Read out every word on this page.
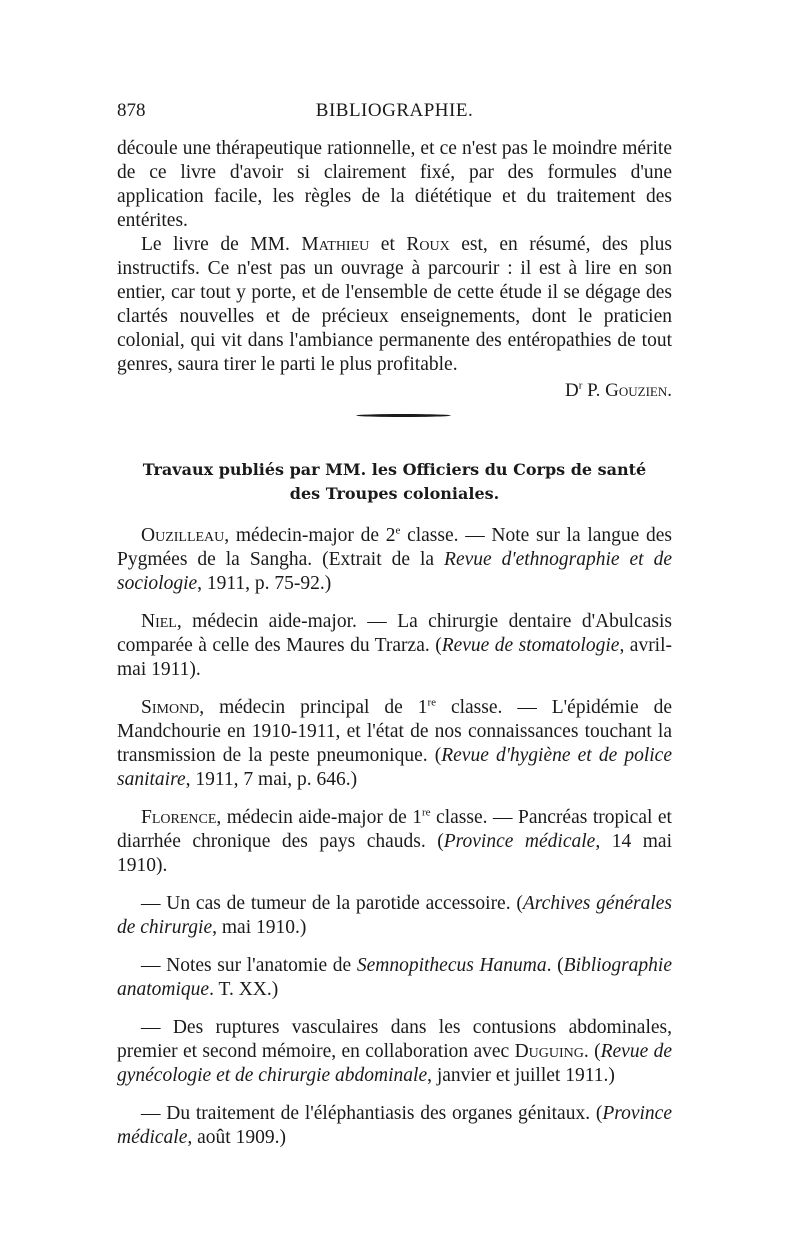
878	BIBLIOGRAPHIE.

découle une thérapeutique rationnelle, et ce n'est pas le moindre mérite de ce livre d'avoir si clairement fixé, par des formules d'une application facile, les règles de la diététique et du traitement des entérites.

Le livre de MM. Mathieu et Roux est, en résumé, des plus instructifs. Ce n'est pas un ouvrage à parcourir : il est à lire en son entier, car tout y porte, et de l'ensemble de cette étude il se dégage des clartés nouvelles et de précieux enseignements, dont le praticien colonial, qui vit dans l'ambiance permanente des entéropathies de tout genres, saura tirer le parti le plus profitable.

$D^r$ P. Gouzien.
Travaux publiés par MM. les Officiers du Corps de santé
des Troupes coloniales.

Ouzilleau, médecin-major de 2e classe. — Note sur la langue des Pygmées de la Sangha. (Extrait de la Revue d'ethnographie et de sociologie, 1911, p. 75-92.)

Niel, médecin aide-major. — La chirurgie dentaire d'Abulcasis comparée à celle des Maures du Trarza. (Revue de stomatologie, avril-mai 1911).

Simond, médecin principal de 1re classe. — L'épidémie de Mandchourie en 1910-1911, et l'état de nos connaissances touchant la transmission de la peste pneumonique. (Revue d'hygiène et de police sanitaire, 1911, 7 mai, p. 646.)

Florence, médecin aide-major de 1re classe. — Pancréas tropical et diarrhée chronique des pays chauds. (Province médicale, 14 mai 1910).

— Un cas de tumeur de la parotide accessoire. (Archives générales de chirurgie, mai 1910.)

— Notes sur l'anatomie de Semnopithecus Hanuma. (Bibliographie anatomique. T. XX.)

— Des ruptures vasculaires dans les contusions abdominales, premier et second mémoire, en collaboration avec Duguing. (Revue de gynécologie et de chirurgie abdominale, janvier et juillet 1911.)

— Du traitement de l'éléphantiasis des organes génitaux. (Province médicale, août 1909.)
